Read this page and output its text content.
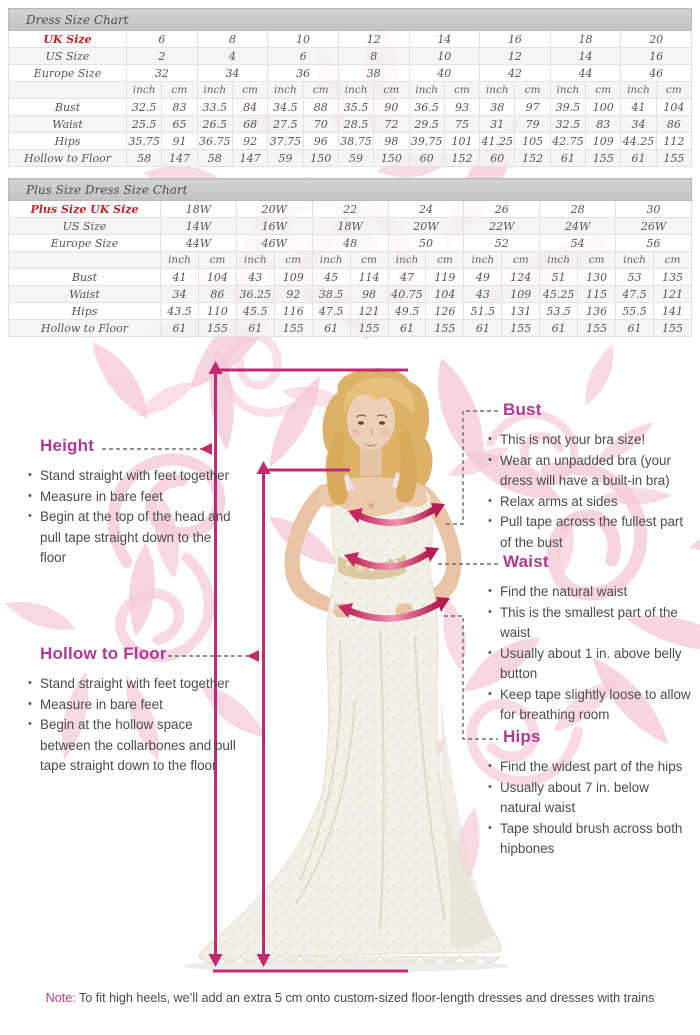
Dress Size Chart																
UK Size	6		8		10		12		14		16		18		20	
US Size	2		4		6		8		10		12		14		16	
Europe Size	32		34		36		38		40		42		44		46	
	inch	cm	inch	cm	inch	cm	inch	cm	inch	cm	inch	cm	inch	cm	inch	cm
Bust	32.5	83	33.5	84	34.5	88	35.5	90	36.5	93	38	97	39.5	100	41	104
Waist	25.5	65	26.5	68	27.5	70	28.5	72	29.5	75	31	79	32.5	83	34	86
Hips	35.75	91	36.75	92	37.75	96	38.75	98	39.75	101	41.25	105	42.75	109	44.25	112
Hollow to Floor	58	147	58	147	59	150	59	150	60	152	60	152	61	155	61	155
Plus Size Dress Size Chart														
Plus Size UK Size	18W		20W		22		24		26		28		30	
US Size	14W		16W		18W		20W		22W		24W		26W	
Europe Size	44W		46W		48		50		52		54		56	
	inch	cm	inch	cm	inch	cm	inch	cm	inch	cm	inch	cm	inch	cm
Bust	41	104	43	109	45	114	47	119	49	124	51	130	53	135
Waist	34	86	36.25	92	38.5	98	40.75	104	43	109	45.25	115	47.5	121
Hips	43.5	110	45.5	116	47.5	121	49.5	126	51.5	131	53.5	136	55.5	141
Hollow to Floor	61	155	61	155	61	155	61	155	61	155	61	155	61	155
Height
• Stand straight with feet together
• Measure in bare feet
• Begin at the top of the head and pull tape straight down to the floor
Hollow to Floor
• Stand straight with feet together
• Measure in bare feet
• Begin at the hollow space between the collarbones and pull tape straight down to the floor
Bust
• This is not your bra size!
• Wear an unpadded bra (your dress will have a built-in bra)
• Relax arms at sides
• Pull tape across the fullest part of the bust
Waist
• Find the natural waist
• This is the smallest part of the waist
• Usually about 1 in. above belly button
• Keep tape slightly loose to allow for breathing room
Hips
• Find the widest part of the hips
• Usually about 7 in. below natural waist
• Tape should brush across both hipbones
Note: To fit high heels, we’ll add an extra 5 cm onto custom-sized floor-length dresses and dresses with trains
